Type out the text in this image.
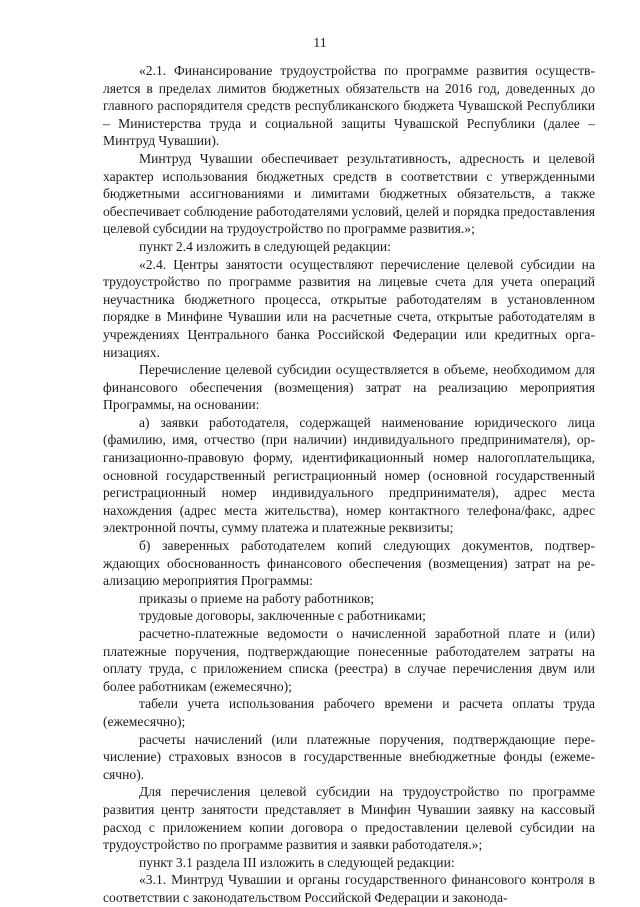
11

«2.1. Финансирование трудоустройства по программе развития осуществляется в пределах лимитов бюджетных обязательств на 2016 год, доведенных до главного распорядителя средств республиканского бюджета Чувашской Республики – Министерства труда и социальной защиты Чувашской Республики (далее – Минтруд Чувашии).

Минтруд Чувашии обеспечивает результативность, адресность и целевой характер использования бюджетных средств в соответствии с утвержденными бюджетными ассигнованиями и лимитами бюджетных обязательств, а также обеспечивает соблюдение работодателями условий, целей и порядка предоставления целевой субсидии на трудоустройство по программе развития.»;

пункт 2.4 изложить в следующей редакции:

«2.4. Центры занятости осуществляют перечисление целевой субсидии на трудоустройство по программе развития на лицевые счета для учета операций неучастника бюджетного процесса, открытые работодателям в установленном порядке в Минфине Чувашии или на расчетные счета, открытые работодателям в учреждениях Центрального банка Российской Федерации или кредитных организациях.

Перечисление целевой субсидии осуществляется в объеме, необходимом для финансового обеспечения (возмещения) затрат на реализацию мероприятия Программы, на основании:

а) заявки работодателя, содержащей наименование юридического лица (фамилию, имя, отчество (при наличии) индивидуального предпринимателя), организационно-правовую форму, идентификационный номер налогоплательщика, основной государственный регистрационный номер (основной государственный регистрационный номер индивидуального предпринимателя), адрес места нахождения (адрес места жительства), номер контактного телефона/факс, адрес электронной почты, сумму платежа и платежные реквизиты;

б) заверенных работодателем копий следующих документов, подтверждающих обоснованность финансового обеспечения (возмещения) затрат на реализацию мероприятия Программы:

приказы о приеме на работу работников;

трудовые договоры, заключенные с работниками;

расчетно-платежные ведомости о начисленной заработной плате и (или) платежные поручения, подтверждающие понесенные работодателем затраты на оплату труда, с приложением списка (реестра) в случае перечисления двум или более работникам (ежемесячно);

табели учета использования рабочего времени и расчета оплаты труда (ежемесячно);

расчеты начислений (или платежные поручения, подтверждающие перечисление) страховых взносов в государственные внебюджетные фонды (ежемесячно).

Для перечисления целевой субсидии на трудоустройство по программе развития центр занятости представляет в Минфин Чувашии заявку на кассовый расход с приложением копии договора о предоставлении целевой субсидии на трудоустройство по программе развития и заявки работодателя.»;

пункт 3.1 раздела III изложить в следующей редакции:

«3.1. Минтруд Чувашии и органы государственного финансового контроля в соответствии с законодательством Российской Федерации и законода-
